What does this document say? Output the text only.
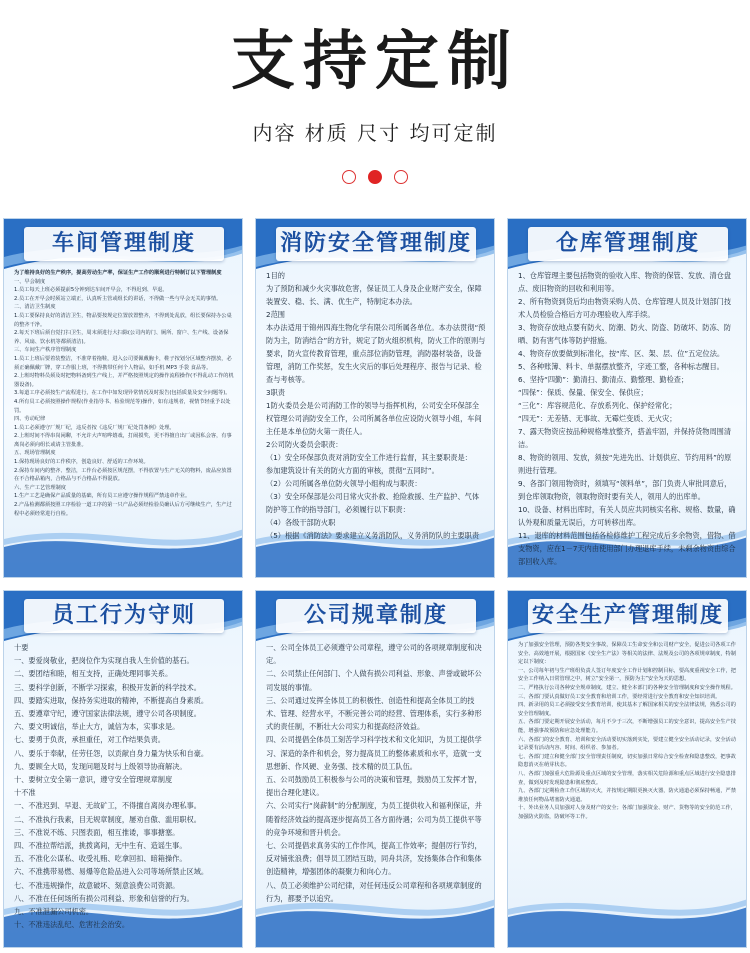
支持定制
内容 材质 尺寸 均可定制
车间管理制度

为了维持良好的生产秩序，提高劳动生产率，保证生产工作的顺利进行特制订以下管理制度

一、早会制度

1.员工每天上班必须提前5分钟到达车间开早会，不得迟到、早退。

2.员工在开早会时须站立端正，认真听主管或组长的讲话，不得做一些与早会无关的事情。

二、清洁卫生制度

1.员工要保持良好的清洁卫生，物品要按规定位置放置整齐，不得到处乱放，组长要保持办公桌的整齐干净。

2.每天下班后须自觉打扫卫生，周末须进行大扫除(公司内的门、厕所、窗户、生产线、设备保养、风扇、饮水机等都须清洁)。

三、车间生产秩序管理制度

1.员工上班后要着装整洁，不准穿着拖鞋，进入公司要佩戴胸卡，鞋子按划分区域整齐摆放，必须正确佩戴厂牌，穿工作服上班，不得携带任何个人物品，如手机 MP3 手袋 食品等。

2.上班时物料员须及时把物料备到生产线上，并严格按照规定的操作流程操作(不得乱动工作的机器设备)。

3.每道工序必须按生产流程进行，在工作中如发现异常情况及时报告(包括质量及安全问题等)。

4.所有员工必须按照操作规程(作业指导书、检验规范等)操作，如有违规者，视情节轻重予以处罚。

四、劳动纪律

1.员工必须遵守厂规厂纪，违反者按《违反厂规厂纪处罚条例》处理。

2.上班时间不得串岗闲聊，不允许大声喧哗嬉戏，打闹摸奖，更不得擅自出厂或因私会客，有事离岗必须向组长或请主管批准。

五、现场管理制度

1.保持现场良好的工作秩序，创造良好、舒适的工作环境。

2.保持车间内的整齐、整洁，工作台必须按区规范摆，不得放置与生产无关的物料，废品应放置在不合格品箱内，合格品与不合格品不得混放。

六、生产工艺管理制度

1.生产工艺是确保产品质量的基础，所有员工应遵守操作规程严禁违章作业。

2.产品检测都须按照工序检验一道工序的第一只产品必须经检验员确认后方可继续生产，生产过程中必须经常进行自检。

消防安全管理制度

1目的

为了预防和减少火灾事故危害，保证员工人身及企业财产安全，保障装置安、稳、长、满、优生产，特制定本办法。

2范围

本办法适用于锦州四海生物化学有限公司所属各单位。本办法贯彻“预防为主，防消结合”的方针，规定了防火组织机构，防火工作的原则与要求，防火宣传教育管理，重点部位消防管理，消防器材装备，设备管理，消防工作奖惩，发生火灾后的事后处理程序、报告与记录、检查与考核等。

3职责

1防火委员会是公司消防工作的领导与指挥机构，公司安全环保部全权管理公司消防安全工作，公司所属各单位应设防火领导小组，车间主任是本单位防火第一责任人。

2公司防火委员会职责：

（1）安全环保部负责对消防安全工作进行监督，其主要职责是：

参加建筑设计有关的防火方面的审核，贯彻“五同时”。

（2）公司所属各单位防火领导小组构成与职责：

（3）安全环保部是公司日常火灾扑救、抢险救援、生产监护、气体防护等工作的指导部门，必须履行以下职责：

（4）各级干部防火职

（5）根据《消防法》要求建立义务消防队，义务消防队的主要职责

仓库管理制度

1、仓库管理主要包括物资的验收入库、物资的保管、发放、清仓盘点、废旧物资的回收和利用等。

2、所有物资到货后均由物资采购人员、仓库管理人员及计划部门技术人员检验合格后方可办理验收入库手续。

3、物资存放地点要有防火、防潮、防火、防盗、防破坏、防冻、防晒、防有害气体等防护措施。

4、物资存放要做到标准化，按“库、区、架、层、位”五定位法。

5、各种账簿、料卡、单据摆放整齐，字迹工整，各种标志醒目。

6、坚持“四勤”：勤清扫、勤清点、勤整理、勤检查；

“四保”：保质、保量、保安全、保供应；

“三化”：库容规范化、存放系列化、保护经常化；

“四无”：无差错、无事故、无霉烂变质、无火灾；

7、露天物资应按品种规格堆放整齐，搭盖牢固，并保持货物周围清洁。

8、物资的领用、发放，须按“先进先出、计划供应、节约用料”的原则进行管理。

9、各部门领用物资时，须填写“领料单”，部门负责人审批同意后，到仓库领取物资，领取物资时要有关人，领用人的出库单。

10、设备、材料出库时，有关人员应共同核实名称、规格、数量，确认外观和质量无误后，方可转移出库。

11、退库的材料范围包括各检修维护工程完成后多余物资，借物、借支物资，应在1－7天内由使用部门办理退库手续，未剩余物资由综合部回收入库。

员工行为守则

十要

一、要爱岗敬业，把岗位作为实现自我人生价值的基石。

二、要团结和睦，相互支持，正确处理同事关系。

三、要科学创新，不断学习探索，积极开发新的科学技术。

四、要踏实进取，保持务实进取的精神，不断提高自身素质。

五、要遵章守纪，遵守国家法律法规，遵守公司各项制度。

六、要文明诚信，举止大方，诚信为本，实事求是。

七、要勇于负责，承担重任，对工作结果负责。

八、要乐于奉献，任劳任怨，以贡献自身力量为快乐和自豪。

九、要顾全大局，发现问题及时与上级领导协商解决。

十、要树立安全第一意识，遵守安全管理规章制度

十不准

一、不准迟到、早退、无故矿工，不得擅自离岗办理私事。

二、不准执行我素，目无规章制度，屡劝自傲、滥用职权。

三、不准说不练、只图表面，相互推诿，事事搪塞。

四、不准拉帮结派，挑拨离间，无中生有、造谣生事。

五、不准化公谋私、收受礼贿、吃拿回扣、暗箱操作。

六、不准携带易燃、易爆等危险品进入公司等场所禁止区域。

七、不准违规操作，故意破坏、刻意浪费公司资源。

八、不准在任何场所有损公司利益、形象和信誉的行为。

九、不准泄漏公司机密。

十、不准违法乱纪、危害社会治安。

公司规章制度

一、公司全体员工必须遵守公司章程，遵守公司的各项规章制度和决定。

二、公司禁止任何部门、个人做有损公司利益、形象、声誉或破坏公司发展的事情。

三、公司通过发挥全体员工的积极性、创造性和提高全体员工的技术、管理、经营水平，不断完善公司的经营、管理体系，实行多种形式的责任制，不断壮大公司实力和提高经济效益。

四、公司提倡全体员工刻苦学习科学技术和文化知识，为员工提供学习、深造的条件和机会，努力提高员工的整体素质和水平，造就一支思想新、作风硬、业务强、技术精的员工队伍。

五、公司鼓励员工积极参与公司的决策和管理，鼓励员工发挥才智，提出合理化建议。

六、公司实行“岗薪制”的分配制度，为员工提供收入和福利保证，并随着经济效益的提高逐步提高员工各方面待遇；公司为员工提供平等的竞争环境和晋升机会。

七、公司提倡求真务实的工作作风，提高工作效率；提倡厉行节约，反对铺张浪费；倡导员工团结互助，同舟共济，发扬集体合作和集体创造精神，增强团体的凝聚力和向心力。

八、员工必须维护公司纪律，对任何违反公司章程和各项规章制度的行为，都要予以追究。

安全生产管理制度

为了加强安全管理，预防各类安全事故，保障员工生命安全和公司财产安全，促进公司各项工作安全、高效地开展，根据国家《安全生产法》等相关的法律、法规及公司的各项规章制度，特制定以下制度：

一、公司每年初与生产班组负责人签订年度安全工作计划和控制目标，要高度重视安全工作，把安全工作纳入日常管理之中，树立“安全第一，预防为主”安全为天的思想。

二、严格执行公司各种安全规章制度，建立、健全本部门的各种安全管理制度和安全操作规程。

三、各部门要认真做好员工安全教育和培训工作，要经常进行安全教育和安全知识培训。

四、新录用的员工必须接受安全教育培训，使其基本了解国家相关的安全法律法规，熟悉公司的安全管理制度。

五、各部门要定期开展安全活动，每月不少于三次，不断增强员工的安全意识，提高安全生产技能，增强事故预防和应急处理能力。

六、各部门的安全教育、培训和安全活动要切实落到实处，要建立健全安全活动记录，安全活动记录要有活动内容、时间、组织者、参加者。

七、各部门建立和健全部门安全管理责任制度，切实加强日常综合安全检查和隐患整改，把事故隐患消灭在萌芽状态。

八、各部门加强重大危险源及重点区域的安全管理，落实相关危险源和重点区域进行安全隐患排查，做到及时发现隐患和彻底整改。

九、各部门定期检查工作区域的灭火，并按规定期限更换灭火器，防火通道必须保持畅通，严禁堆放任何物品堵塞防火通道。

十、外出业务人员加强对人身及财产的安全；各部门加强资金、财产、货物等的安全防范工作，加强防火防盗，防破坏等工作。
